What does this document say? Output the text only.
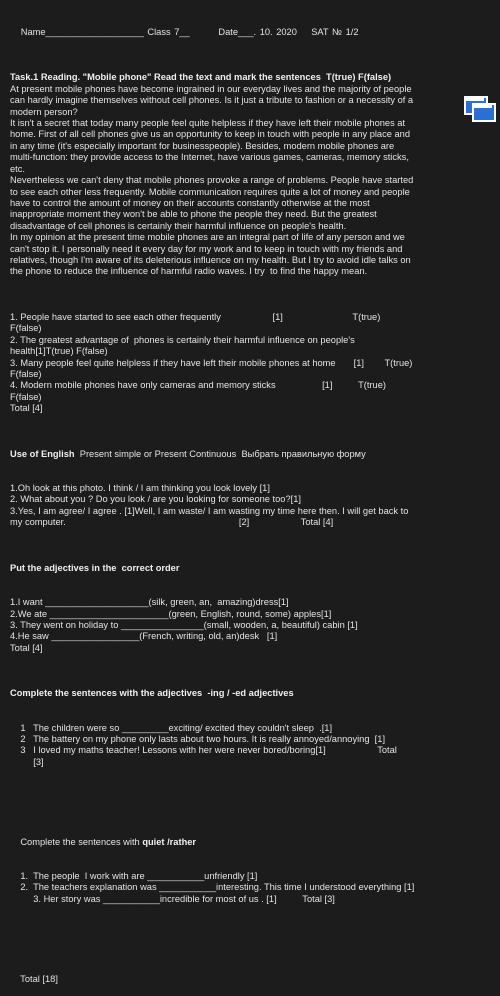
Name___________________ Class 7__        Date___. 10. 2020    SAT № 1/2

Task.1 Reading. "Mobile phone" Read the text and mark the sentences  T(true) F(false)
At present mobile phones have become ingrained in our everyday lives and the majority of people
can hardly imagine themselves without cell phones. Is it just a tribute to fashion or a necessity of a
modern person?
It isn't a secret that today many people feel quite helpless if they have left their mobile phones at
home. First of all cell phones give us an opportunity to keep in touch with people in any place and
in any time (it's especially important for businesspeople). Besides, modern mobile phones are
multi-function: they provide access to the Internet, have various games, cameras, memory sticks,
etc.
Nevertheless we can't deny that mobile phones provoke a range of problems. People have started
to see each other less frequently. Mobile communication requires quite a lot of money and people
have to control the amount of money on their accounts constantly otherwise at the most
inappropriate moment they won't be able to phone the people they need. But the greatest
disadvantage of cell phones is certainly their harmful influence on people's health.
In my opinion at the present time mobile phones are an integral part of life of any person and we
can't stop it. I personally need it every day for my work and to keep in touch with my friends and
relatives, though I'm aware of its deleterious influence on my health. But I try to avoid idle talks on
the phone to reduce the influence of harmful radio waves. I try  to find the happy mean.

1. People have started to see each other frequently                    [1]                           T(true)
F(false)
2. The greatest advantage of  phones is certainly their harmful influence on people's
health[1]T(true) F(false)
3. Many people feel quite helpless if they have left their mobile phones at home       [1]        T(true)
F(false)
4. Modern mobile phones have only cameras and memory sticks                  [1]          T(true)
F(false)
Total [4]

Use of English  Present simple or Present Continuous  Выбрать правильную форму

1.Oh look at this photo. I think / I am thinking you look lovely [1]
2. What about you ? Do you look / are you looking for someone too?[1]
3.Yes, I am agree/ I agree . [1]Well, I am waste/ I am wasting my time here then. I will get back to
my computer.                                                                   [2]                    Total [4]

Put the adjectives in the  correct order

1.I want ____________________(silk, green, an,  amazing)dress[1]
2.We ate _______________________(green, English, round, some) apples[1]
3. They went on holiday to ________________(small, wooden, a, beautiful) cabin [1]
4.He saw _________________(French, writing, old, an)desk   [1]
Total [4]

Complete the sentences with the adjectives  -ing / -ed adjectives

1   The children were so _________exciting/ excited they couldn't sleep  .[1]
2   The battery on my phone only lasts about two hours. It is really annoyed/annoying  [1]
3   I loved my maths teacher! Lessons with her were never bored/boring[1]                    Total
[3]

Complete the sentences with quiet /rather

1.  The people  I work with are ___________unfriendly [1]
2.  The teachers explanation was ___________interesting. This time I understood everything [1]
3. Her story was ___________incredible for most of us . [1]          Total [3]

Total [18]
